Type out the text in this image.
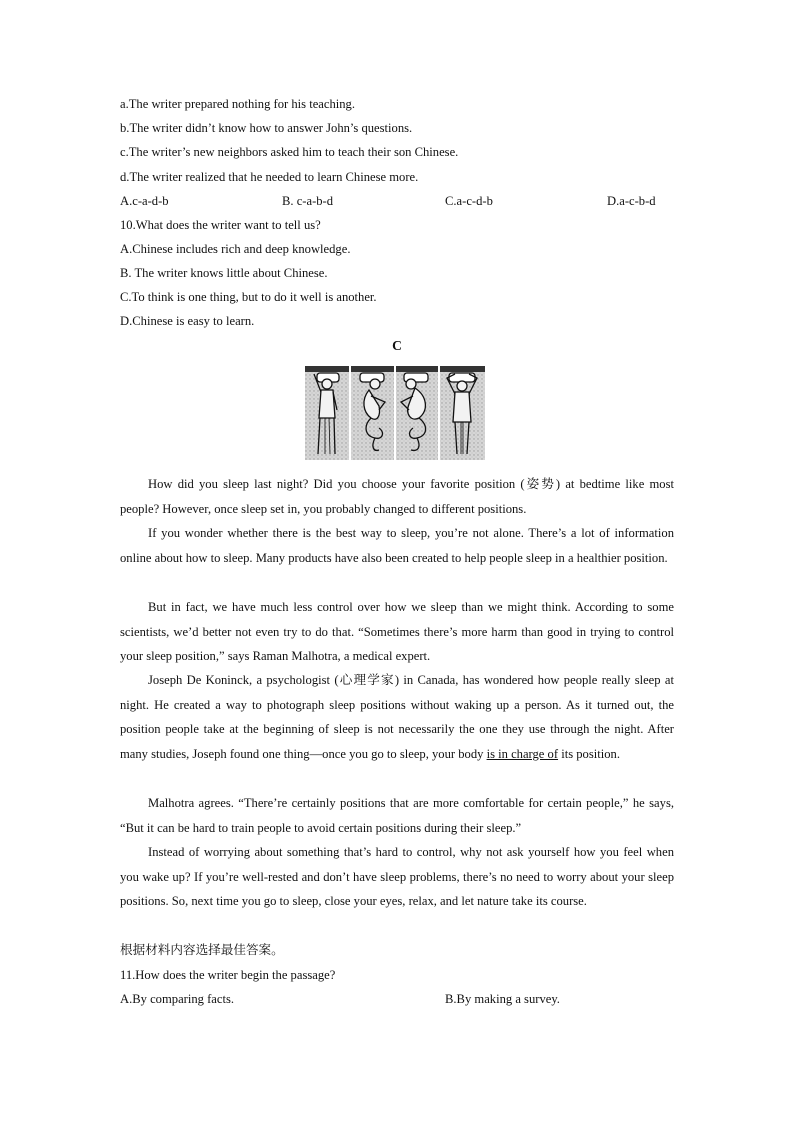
a.The writer prepared nothing for his teaching.
b.The writer didn’t know how to answer John’s questions.
c.The writer’s new neighbors asked him to teach their son Chinese.
d.The writer realized that he needed to learn Chinese more.
A.c-a-d-b	B. c-a-b-d	C.a-c-d-b	D.a-c-b-d
10.What does the writer want to tell us?
A.Chinese includes rich and deep knowledge.
B. The writer knows little about Chinese.
C.To think is one thing, but to do it well is another.
D.Chinese is easy to learn.
C

How did you sleep last night? Did you choose your favorite position (姿势) at bedtime like most people? However, once sleep set in, you probably changed to different positions.

If you wonder whether there is the best way to sleep, you’re not alone. There’s a lot of information online about how to sleep. Many products have also been created to help people sleep in a healthier position.

But in fact, we have much less control over how we sleep than we might think. According to some scientists, we’d better not even try to do that. “Sometimes there’s more harm than good in trying to control your sleep position,” says Raman Malhotra, a medical expert.

Joseph De Koninck, a psychologist (心理学家) in Canada, has wondered how people really sleep at night. He created a way to photograph sleep positions without waking up a person. As it turned out, the position people take at the beginning of sleep is not necessarily the one they use through the night. After many studies, Joseph found one thing—once you go to sleep, your body is in charge of its position.

Malhotra agrees. “There’re certainly positions that are more comfortable for certain people,” he says, “But it can be hard to train people to avoid certain positions during their sleep.”

Instead of worrying about something that’s hard to control, why not ask yourself how you feel when you wake up? If you’re well-rested and don’t have sleep problems, there’s no need to worry about your sleep positions. So, next time you go to sleep, close your eyes, relax, and let nature take its course.

根据材料内容选择最佳答案。
11.How does the writer begin the passage?
A.By comparing facts.	B.By making a survey.
